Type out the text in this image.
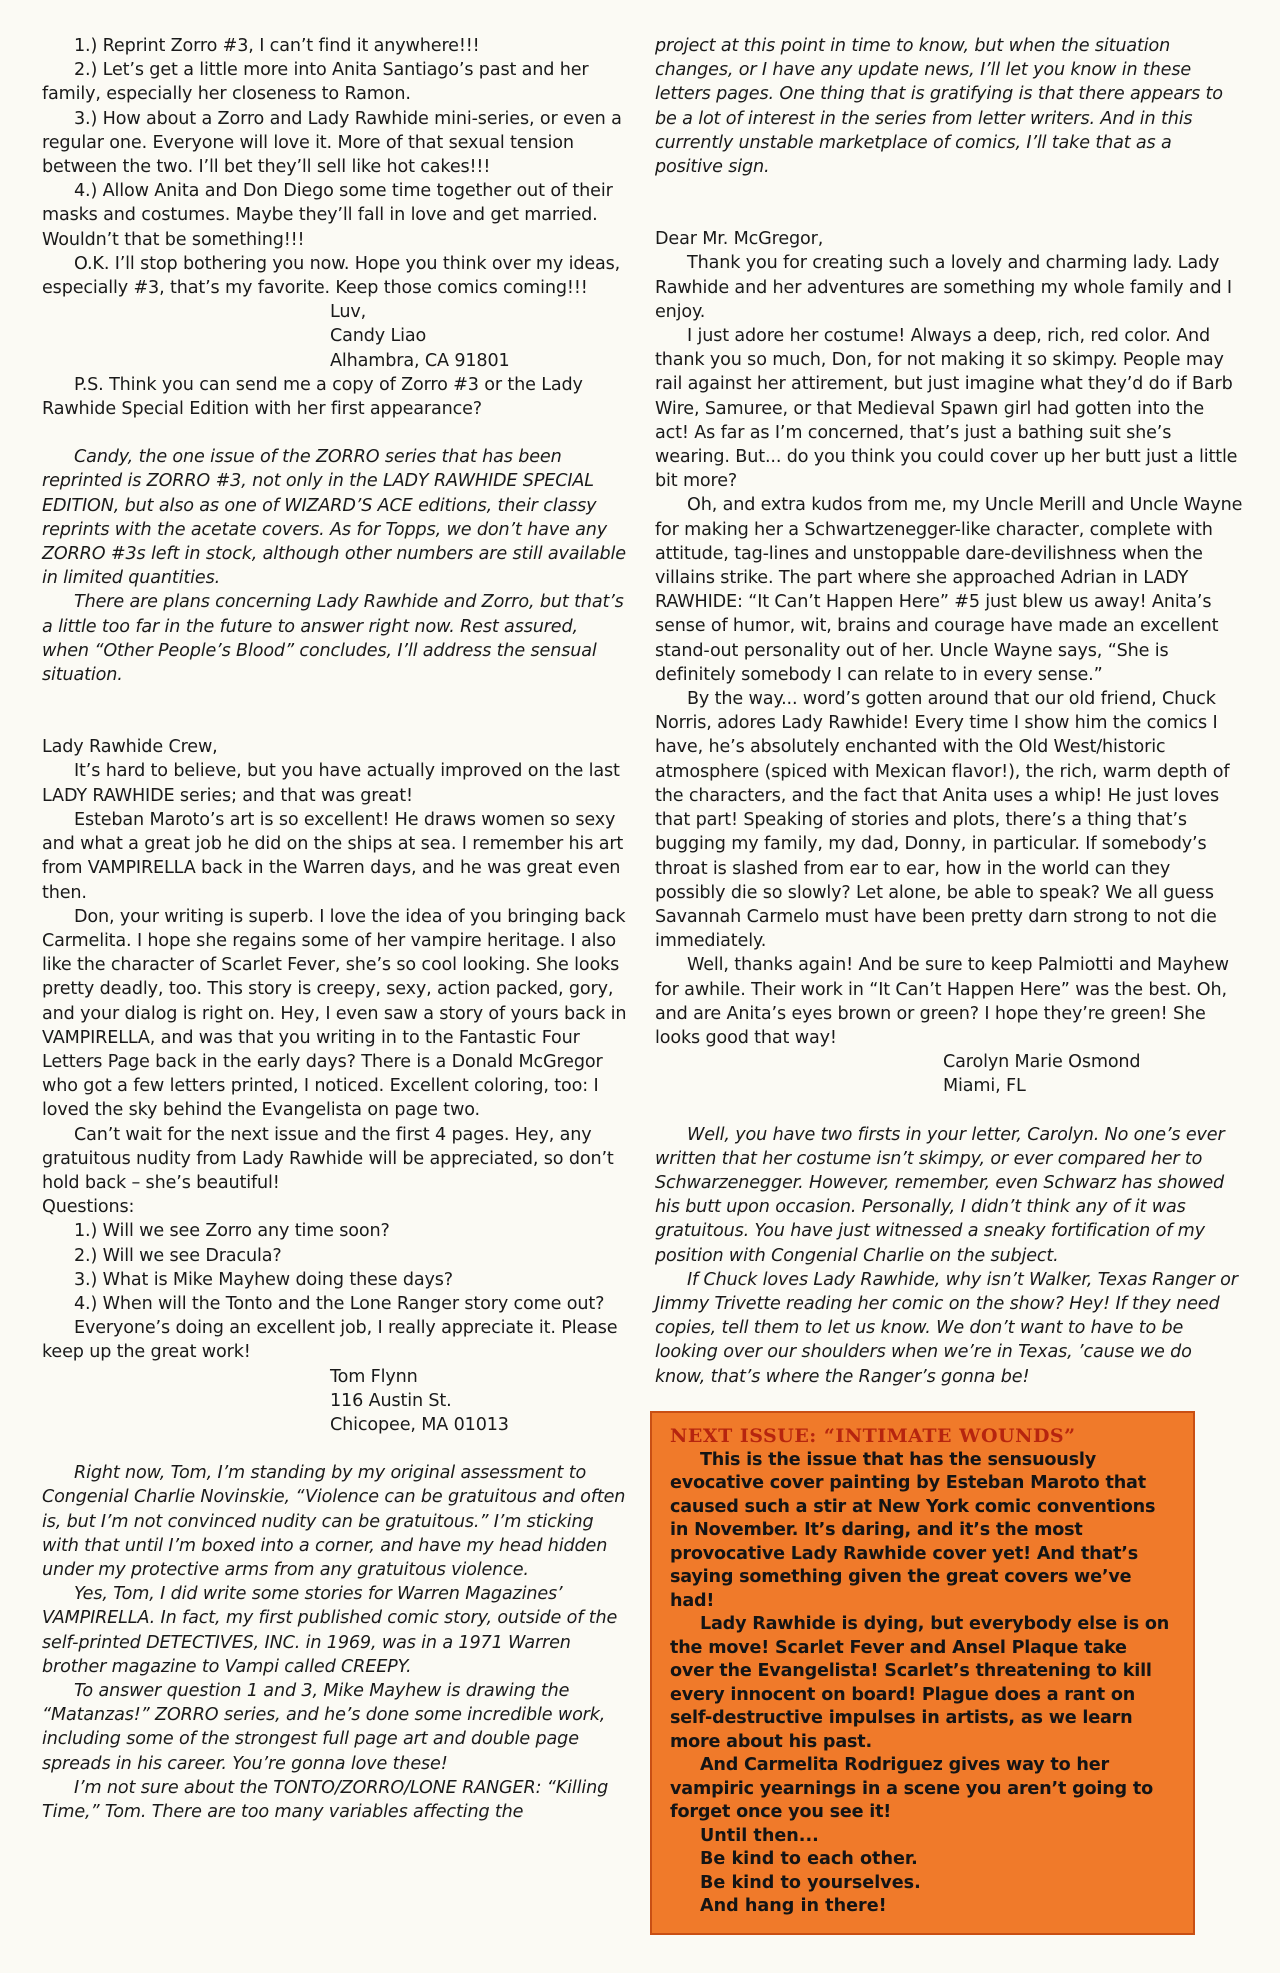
1.) Reprint Zorro #3, I can’t find it anywhere!!!

2.) Let’s get a little more into Anita Santiago’s past and her family, especially her closeness to Ramon.

3.) How about a Zorro and Lady Rawhide mini-series, or even a regular one. Everyone will love it. More of that sexual tension between the two. I’ll bet they’ll sell like hot cakes!!!

4.) Allow Anita and Don Diego some time together out of their masks and costumes. Maybe they’ll fall in love and get married. Wouldn’t that be something!!!

O.K. I’ll stop bothering you now. Hope you think over my ideas, especially #3, that’s my favorite. Keep those comics coming!!!

Luv,

Candy Liao

Alhambra, CA 91801

P.S. Think you can send me a copy of Zorro #3 or the Lady Rawhide Special Edition with her first appearance?

Candy, the one issue of the ZORRO series that has been reprinted is ZORRO #3, not only in the LADY RAWHIDE SPECIAL EDITION, but also as one of WIZARD’S ACE editions, their classy reprints with the acetate covers. As for Topps, we don’t have any ZORRO #3s left in stock, although other numbers are still available in limited quantities.

There are plans concerning Lady Rawhide and Zorro, but that’s a little too far in the future to answer right now. Rest assured, when “Other People’s Blood” concludes, I’ll address the sensual situation.

Lady Rawhide Crew,

It’s hard to believe, but you have actually improved on the last LADY RAWHIDE series; and that was great!

Esteban Maroto’s art is so excellent! He draws women so sexy and what a great job he did on the ships at sea. I remember his art from VAMPIRELLA back in the Warren days, and he was great even then.

Don, your writing is superb. I love the idea of you bringing back Carmelita. I hope she regains some of her vampire heritage. I also like the character of Scarlet Fever, she’s so cool looking. She looks pretty deadly, too. This story is creepy, sexy, action packed, gory, and your dialog is right on. Hey, I even saw a story of yours back in VAMPIRELLA, and was that you writing in to the Fantastic Four Letters Page back in the early days? There is a Donald McGregor who got a few letters printed, I noticed. Excellent coloring, too: I loved the sky behind the Evangelista on page two.

Can’t wait for the next issue and the first 4 pages. Hey, any gratuitous nudity from Lady Rawhide will be appreciated, so don’t hold back – she’s beautiful!

Questions:

1.) Will we see Zorro any time soon?

2.) Will we see Dracula?

3.) What is Mike Mayhew doing these days?

4.) When will the Tonto and the Lone Ranger story come out?

Everyone’s doing an excellent job, I really appreciate it. Please keep up the great work!

Tom Flynn

116 Austin St.

Chicopee, MA 01013

Right now, Tom, I’m standing by my original assessment to Congenial Charlie Novinskie, “Violence can be gratuitous and often is, but I’m not convinced nudity can be gratuitous.” I’m sticking with that until I’m boxed into a corner, and have my head hidden under my protective arms from any gratuitous violence.

Yes, Tom, I did write some stories for Warren Magazines’ VAMPIRELLA. In fact, my first published comic story, outside of the self-printed DETECTIVES, INC. in 1969, was in a 1971 Warren brother magazine to Vampi called CREEPY.

To answer question 1 and 3, Mike Mayhew is drawing the “Matanzas!” ZORRO series, and he’s done some incredible work, including some of the strongest full page art and double page spreads in his career. You’re gonna love these!

I’m not sure about the TONTO/ZORRO/LONE RANGER: “Killing Time,” Tom. There are too many variables affecting the

project at this point in time to know, but when the situation changes, or I have any update news, I’ll let you know in these letters pages. One thing that is gratifying is that there appears to be a lot of interest in the series from letter writers. And in this currently unstable marketplace of comics, I’ll take that as a positive sign.

Dear Mr. McGregor,

Thank you for creating such a lovely and charming lady. Lady Rawhide and her adventures are something my whole family and I enjoy.

I just adore her costume! Always a deep, rich, red color. And thank you so much, Don, for not making it so skimpy. People may rail against her attirement, but just imagine what they’d do if Barb Wire, Samuree, or that Medieval Spawn girl had gotten into the act! As far as I’m concerned, that’s just a bathing suit she’s wearing. But... do you think you could cover up her butt just a little bit more?

Oh, and extra kudos from me, my Uncle Merill and Uncle Wayne for making her a Schwartzenegger-like character, complete with attitude, tag-lines and unstoppable dare-devilishness when the villains strike. The part where she approached Adrian in LADY RAWHIDE: “It Can’t Happen Here” #5 just blew us away! Anita’s sense of humor, wit, brains and courage have made an excellent stand-out personality out of her. Uncle Wayne says, “She is definitely somebody I can relate to in every sense.”

By the way... word’s gotten around that our old friend, Chuck Norris, adores Lady Rawhide! Every time I show him the comics I have, he’s absolutely enchanted with the Old West/historic atmosphere (spiced with Mexican flavor!), the rich, warm depth of the characters, and the fact that Anita uses a whip! He just loves that part! Speaking of stories and plots, there’s a thing that’s bugging my family, my dad, Donny, in particular. If somebody’s throat is slashed from ear to ear, how in the world can they possibly die so slowly? Let alone, be able to speak? We all guess Savannah Carmelo must have been pretty darn strong to not die immediately.

Well, thanks again! And be sure to keep Palmiotti and Mayhew for awhile. Their work in “It Can’t Happen Here” was the best. Oh, and are Anita’s eyes brown or green? I hope they’re green! She looks good that way!

Carolyn Marie Osmond

Miami, FL

Well, you have two firsts in your letter, Carolyn. No one’s ever written that her costume isn’t skimpy, or ever compared her to Schwarzenegger. However, remember, even Schwarz has showed his butt upon occasion. Personally, I didn’t think any of it was gratuitous. You have just witnessed a sneaky fortification of my position with Congenial Charlie on the subject.

If Chuck loves Lady Rawhide, why isn’t Walker, Texas Ranger or Jimmy Trivette reading her comic on the show? Hey! If they need copies, tell them to let us know. We don’t want to have to be looking over our shoulders when we’re in Texas, ’cause we do know, that’s where the Ranger’s gonna be!

NEXT ISSUE: “INTIMATE WOUNDS”

This is the issue that has the sensuously evocative cover painting by Esteban Maroto that caused such a stir at New York comic conventions in November. It’s daring, and it’s the most provocative Lady Rawhide cover yet! And that’s saying something given the great covers we’ve had!

Lady Rawhide is dying, but everybody else is on the move! Scarlet Fever and Ansel Plaque take over the Evangelista! Scarlet’s threatening to kill every innocent on board! Plague does a rant on self-destructive impulses in artists, as we learn more about his past.

And Carmelita Rodriguez gives way to her vampiric yearnings in a scene you aren’t going to forget once you see it!

Until then...

Be kind to each other.

Be kind to yourselves.

And hang in there!
